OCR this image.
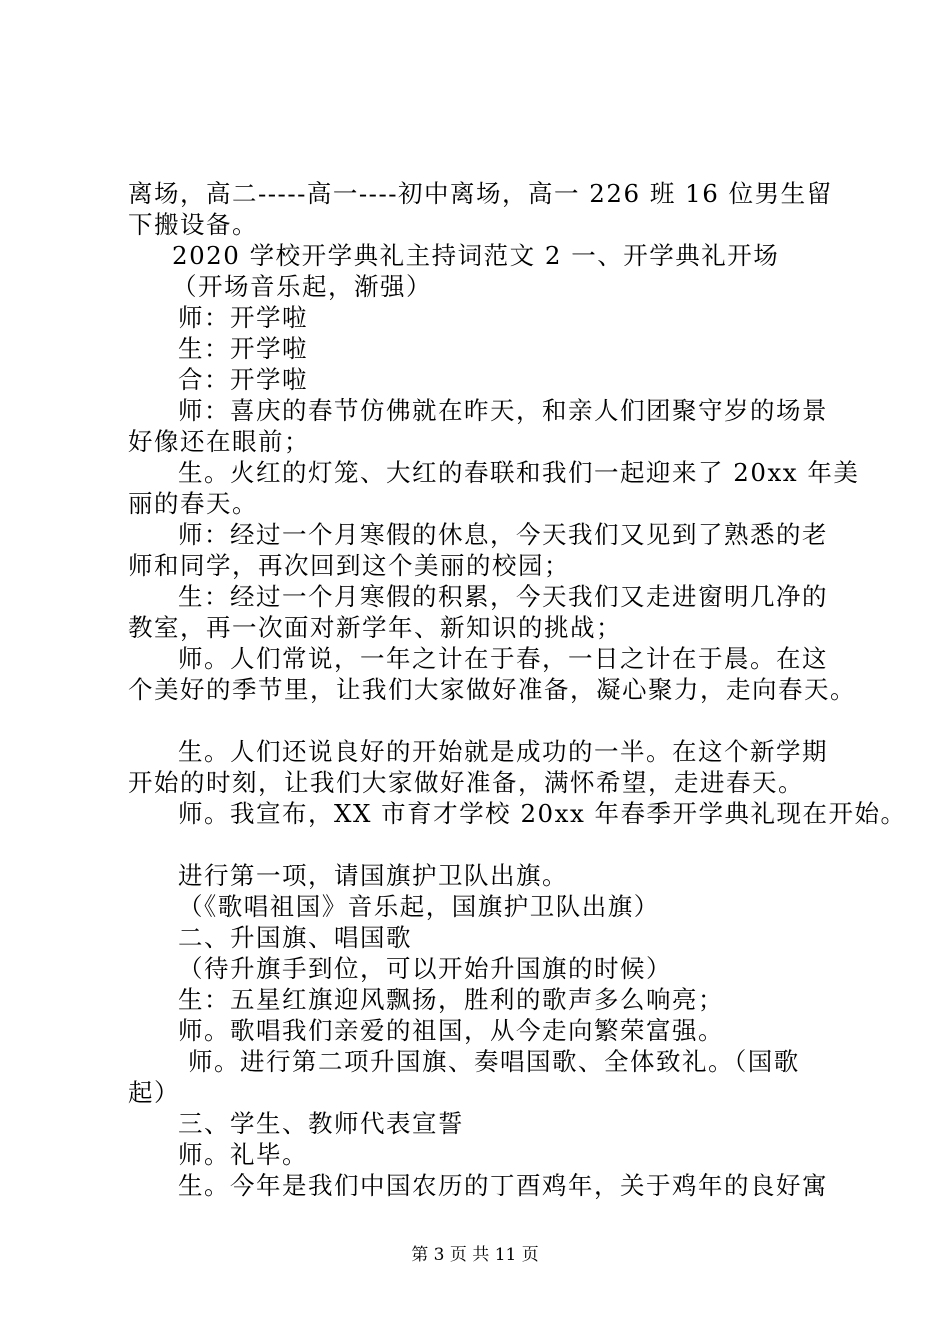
离场，高二-----高一----初中离场，高一 226 班 16 位男生留
下搬设备。
2020 学校开学典礼主持词范文 2 一、开学典礼开场
（开场音乐起，渐强）
师：开学啦
生：开学啦
合：开学啦
师：喜庆的春节仿佛就在昨天，和亲人们团聚守岁的场景
好像还在眼前；
生。火红的灯笼、大红的春联和我们一起迎来了 20xx 年美
丽的春天。
师：经过一个月寒假的休息，今天我们又见到了熟悉的老
师和同学，再次回到这个美丽的校园；
生：经过一个月寒假的积累，今天我们又走进窗明几净的
教室，再一次面对新学年、新知识的挑战；
师。人们常说，一年之计在于春，一日之计在于晨。在这
个美好的季节里，让我们大家做好准备，凝心聚力，走向春天。
生。人们还说良好的开始就是成功的一半。在这个新学期
开始的时刻，让我们大家做好准备，满怀希望，走进春天。
师。我宣布，XX 市育才学校 20xx 年春季开学典礼现在开始。
进行第一项，请国旗护卫队出旗。
（《歌唱祖国》音乐起，国旗护卫队出旗）
二、升国旗、唱国歌
（待升旗手到位，可以开始升国旗的时候）
生：五星红旗迎风飘扬，胜利的歌声多么响亮；
师。歌唱我们亲爱的祖国，从今走向繁荣富强。
师。进行第二项升国旗、奏唱国歌、全体致礼。（国歌
起）
三、学生、教师代表宣誓
师。礼毕。
生。今年是我们中国农历的丁酉鸡年，关于鸡年的良好寓
第 3 页 共 11 页
